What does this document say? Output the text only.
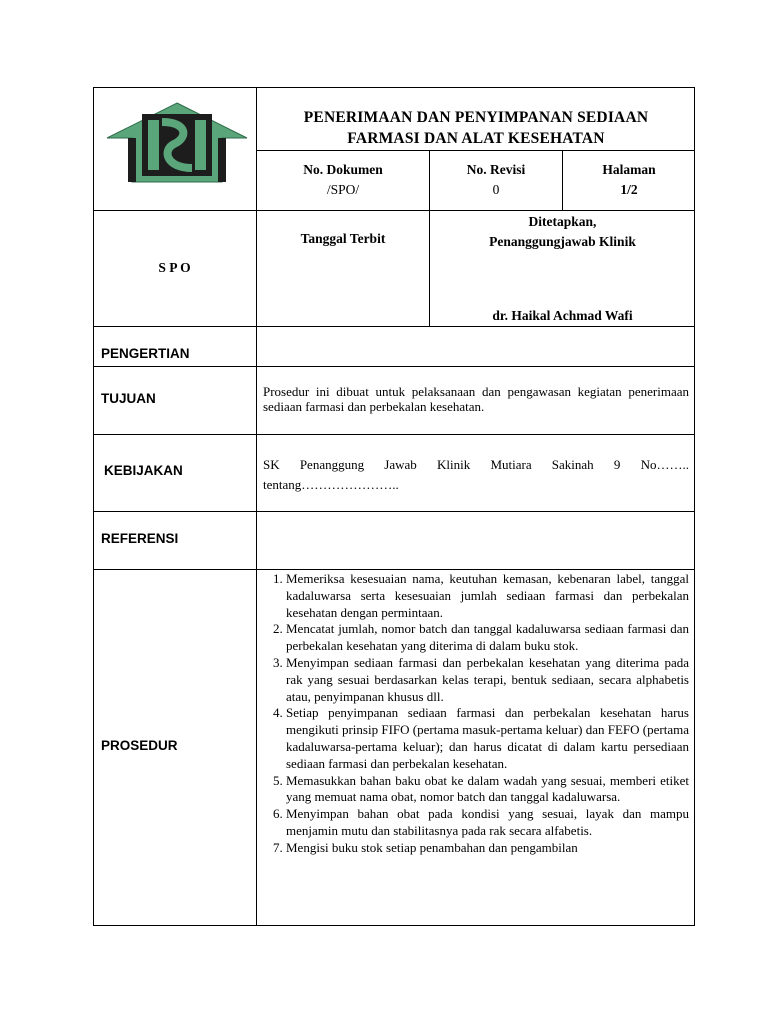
PENERIMAAN DAN PENYIMPANAN SEDIAAN
FARMASI DAN ALAT KESEHATAN
No. Dokumen
/SPO/
No. Revisi
0
Halaman
1/2
S P O
Tanggal Terbit
Ditetapkan,
Penanggungjawab Klinik
dr. Haikal Achmad Wafi
PENGERTIAN
TUJUAN
KEBIJAKAN
REFERENSI
PROSEDUR
Prosedur ini dibuat untuk pelaksanaan dan pengawasan kegiatan penerimaan sediaan farmasi dan perbekalan kesehatan.
SK Penanggung Jawab Klinik Mutiara Sakinah 9 No……..
tentang…………………..
1. Memeriksa kesesuaian nama, keutuhan kemasan, kebenaran label, tanggal kadaluwarsa serta kesesuaian jumlah sediaan farmasi dan perbekalan kesehatan dengan permintaan.
2. Mencatat jumlah, nomor batch dan tanggal kadaluwarsa sediaan farmasi dan perbekalan kesehatan yang diterima di dalam buku stok.
3. Menyimpan sediaan farmasi dan perbekalan kesehatan yang diterima pada rak yang sesuai berdasarkan kelas terapi, bentuk sediaan, secara alphabetis atau, penyimpanan khusus dll.
4. Setiap penyimpanan sediaan farmasi dan perbekalan kesehatan harus mengikuti prinsip FIFO (pertama masuk-pertama keluar) dan FEFO (pertama kadaluwarsa-pertama keluar); dan harus dicatat di dalam kartu persediaan sediaan farmasi dan perbekalan kesehatan.
5. Memasukkan bahan baku obat ke dalam wadah yang sesuai, memberi etiket yang memuat nama obat, nomor batch dan tanggal kadaluwarsa.
6. Menyimpan bahan obat pada kondisi yang sesuai, layak dan mampu menjamin mutu dan stabilitasnya pada rak secara alfabetis.
7. Mengisi buku stok setiap penambahan dan pengambilan
